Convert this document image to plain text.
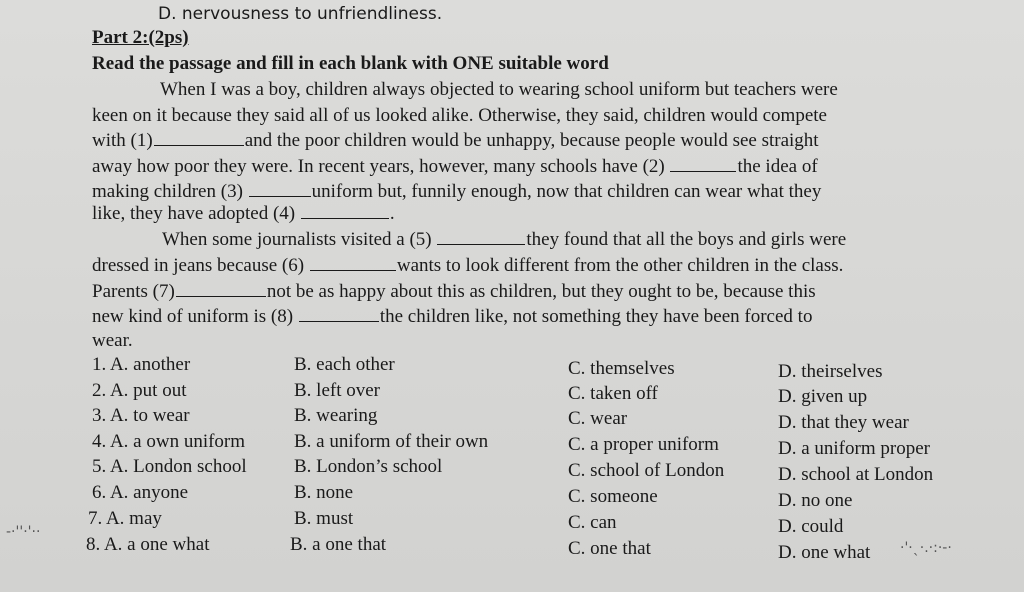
D. nervousness to unfriendliness.
Part 2:(2ps)
Read the passage and fill in each blank with ONE suitable word
When I was a boy, children always objected to wearing school uniform but teachers were
keen on it because they said all of us looked alike. Otherwise, they said, children would compete
with (1)	and the poor children would be unhappy, because people would see straight
away how poor they were. In recent years, however, many schools have (2)	the idea of
making children (3)	uniform but, funnily enough, now that children can wear what they
like, they have adopted (4)	.
When some journalists visited a (5)	they found that all the boys and girls were
dressed in jeans because (6)	wants to look different from the other children in the class.
Parents (7)	not be as happy about this as children, but they ought to be, because this
new kind of uniform is (8)	the children like, not something they have been forced to
wear.
1. A. another	B. each other	C. themselves	D. theirselves
2. A. put out	B. left over	C. taken off	D. given up
3. A. to wear	B. wearing	C. wear	D. that they wear
4. A. a own uniform	B. a uniform of their own	C. a proper uniform	D. a uniform proper
5. A. London school B. London’s school	C. school of London	D. school at London
6. A. anyone	B. none	C. someone	D. no one
7. A. may	B. must	C. can	D. could
8. A. a one what	B. a one that	C. one that	D. one what
-·''·'··
·'·ˎ·.·:·-·
